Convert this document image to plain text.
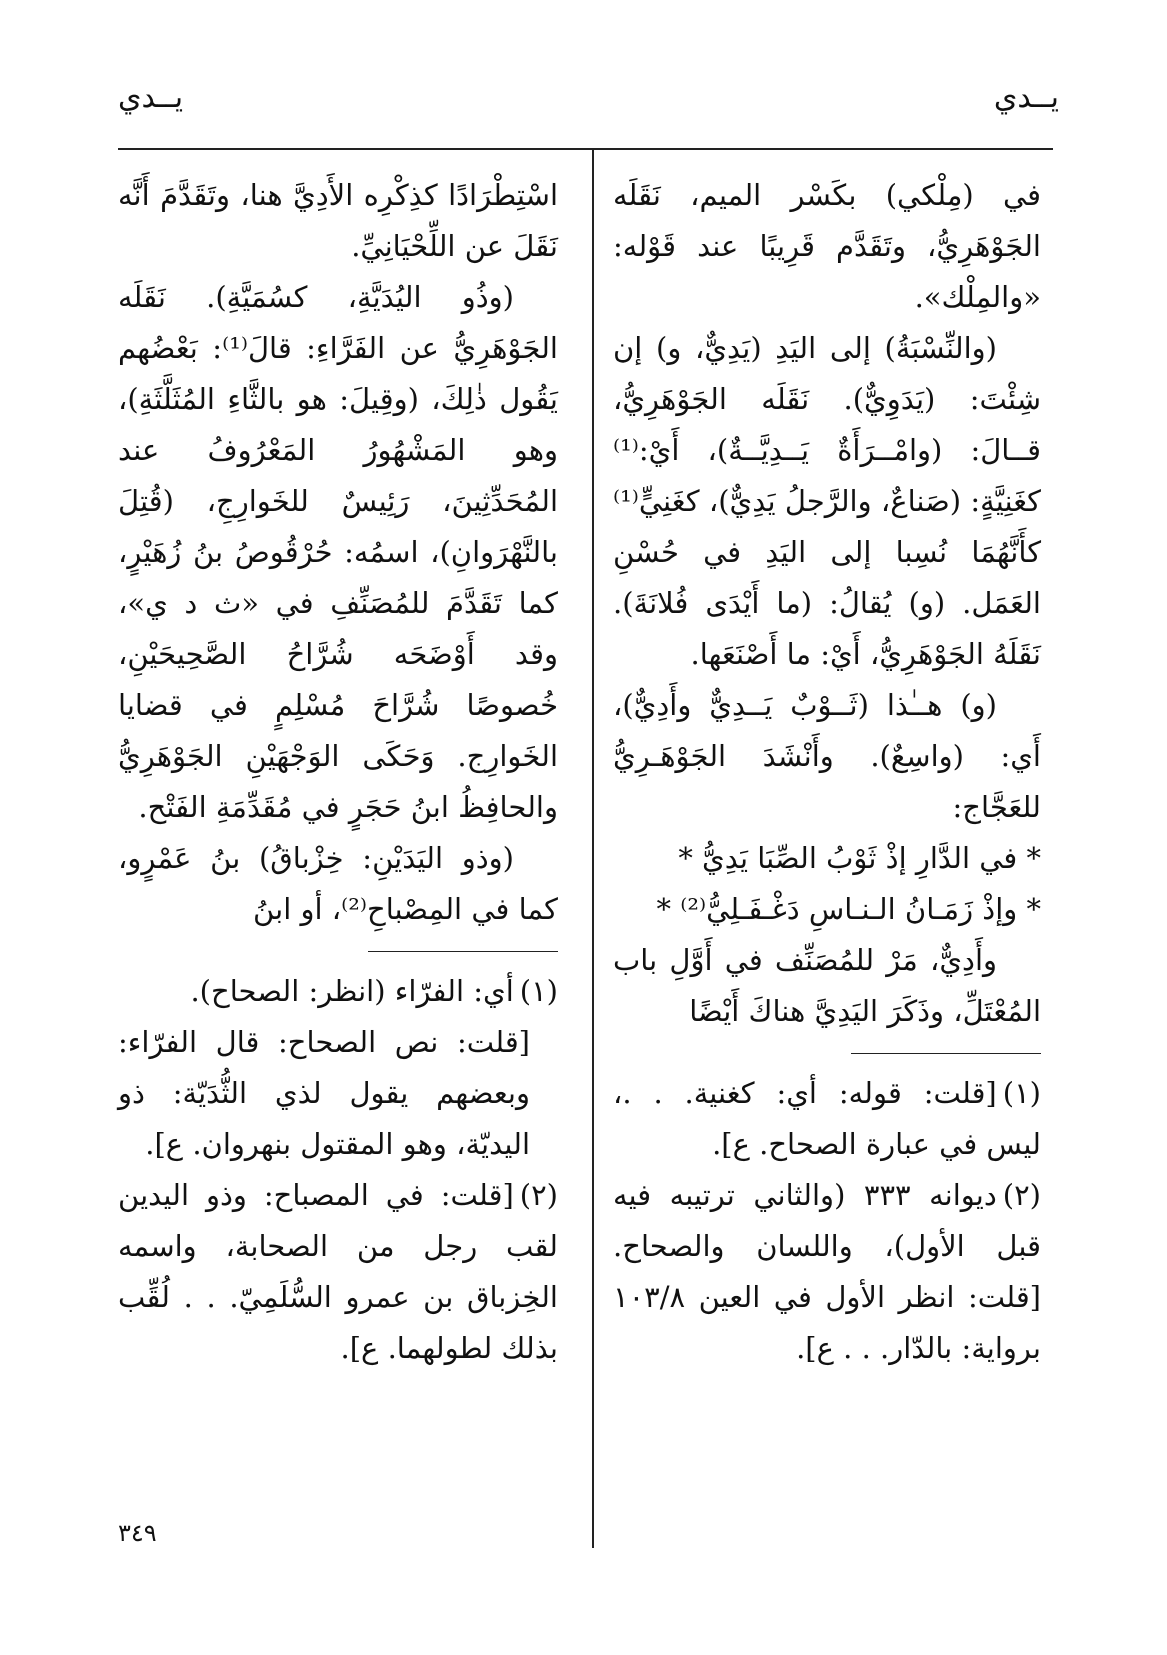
يــدي
يــدي

في (مِلْكي) بكَسْر الميم، نَقَلَه الجَوْهَرِيُّ، وتَقَدَّم قَرِيبًا عند قَوْله: «والمِلْك».

(والنِّسْبَةُ) إلى اليَدِ (يَدِيٌّ، و) إن شِئْتَ: (يَدَوِيٌّ). نَقَلَه الجَوْهَرِيُّ، قــالَ: (وامْــرَأَةٌ يَــدِيَّــةٌ)، أَيْ:⁽¹⁾ كغَنِيَّةٍ: (صَناعٌ، والرَّجلُ يَدِيٌّ)، كغَنِيٍّ⁽¹⁾ كأَنَّهُمَا نُسِبا إلى اليَدِ في حُسْنِ العَمَل. (و) يُقالُ: (ما أَيْدَى فُلانَةَ). نَقَلَهُ الجَوْهَرِيُّ، أَيْ: ما أَصْنَعَها.

(و) هــٰذا (ثَــوْبٌ يَــدِيٌّ وأَدِيٌّ)، أَي: (واسِعٌ). وأَنْشَدَ الجَوْهَـرِيُّ للعَجَّاج:

* في الدَّارِ إذْ ثَوْبُ الصِّبَا يَدِيُّ *

* وإذْ زَمَـانُ الـنـاسِ دَغْـفَـلِيُّ⁽²⁾ *

وأَدِيٌّ، مَرْ للمُصَنِّف في أَوَّلِ باب المُعْتَلِّ، وذَكَرَ اليَدِيَّ هناكَ أَيْضًا

(١)[قلت: قوله: أي: كغنية. . .، ليس في عبارة الصحاح. ع].

(٢)ديوانه ٣٣٣ (والثاني ترتيبه فيه قبل الأول)، واللسان والصحاح. [قلت: انظر الأول في العين ١٠٣/٨ برواية: بالدّار. . . ع].

اسْتِطْرَادًا كذِكْرِه الأَدِيَّ هنا، وتَقَدَّمَ أَنَّه نَقَلَ عن اللِّحْيَانِيِّ.

(وذُو اليُدَيَّةِ، كسُمَيَّةِ). نَقَلَه الجَوْهَرِيُّ عن الفَرَّاءِ: قالَ⁽¹⁾: بَعْضُهم يَقُول ذٰلِكَ، (وقِيلَ: هو بالثَّاءِ المُثَلَّثَةِ)، وهو المَشْهُورُ المَعْرُوفُ عند المُحَدِّثِينَ، رَئِيسٌ للخَوارِجِ، (قُتِلَ بالنَّهْرَوانِ)، اسمُه: حُرْقُوصُ بنُ زُهَيْرٍ، كما تَقَدَّمَ للمُصَنِّفِ في «ث د ي»، وقد أَوْضَحَه شُرَّاحُ الصَّحِيحَيْنِ، خُصوصًا شُرَّاحَ مُسْلِمٍ في قضايا الخَوارِج. وَحَكَى الوَجْهَيْنِ الجَوْهَرِيُّ والحافِظُ ابنُ حَجَرٍ في مُقَدِّمَةِ الفَتْح.

(وذو اليَدَيْنِ: خِزْباقُ) بنُ عَمْرٍو، كما في المِصْباحِ⁽²⁾، أو ابنُ

(١)أي: الفرّاء (انظر: الصحاح).

[قلت: نص الصحاح: قال الفرّاء: وبعضهم يقول لذي الثُّدَيّة: ذو اليديّة، وهو المقتول بنهروان. ع].

(٢)[قلت: في المصباح: وذو اليدين لقب رجل من الصحابة، واسمه الخِزباق بن عمرو السُّلَمِيّ. . . لُقِّب بذلك لطولهما. ع].

٣٤٩
